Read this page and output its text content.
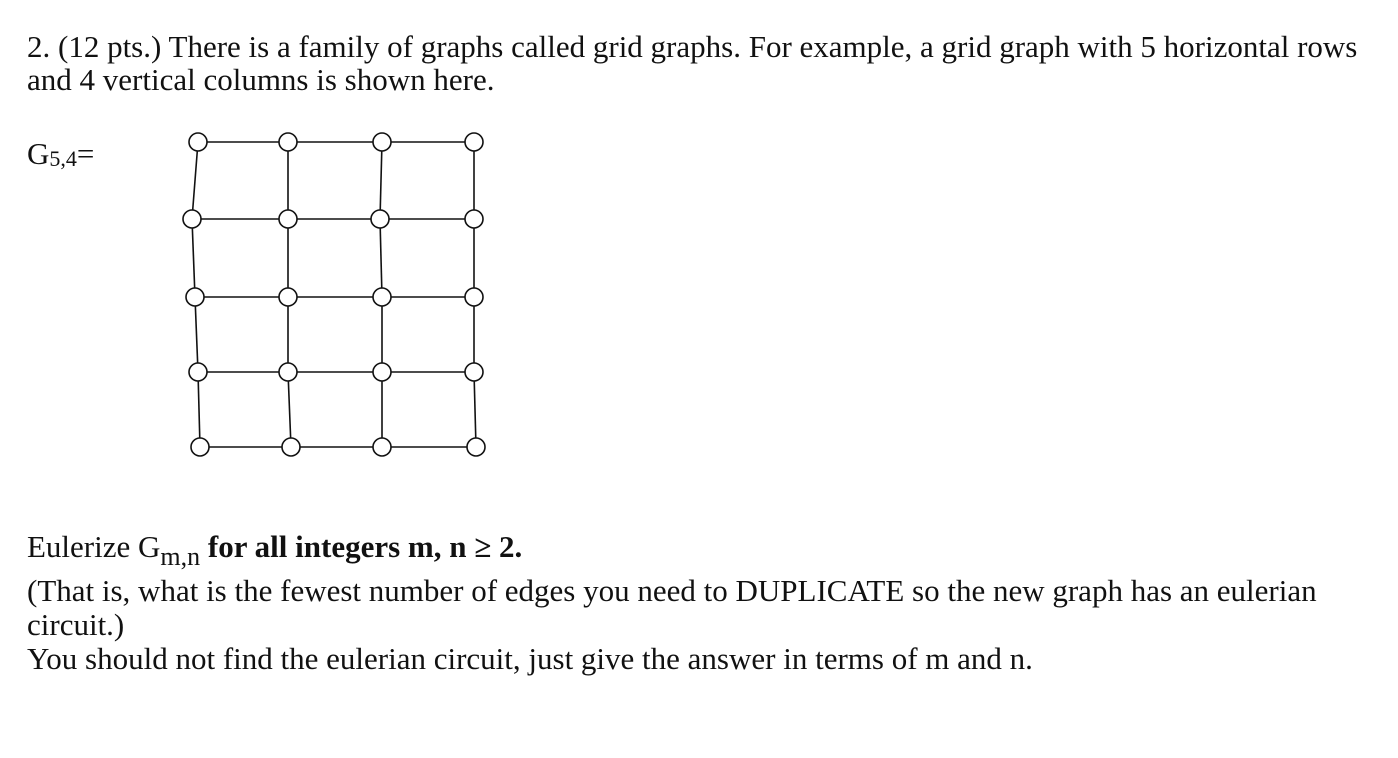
2. (12 pts.) There is a family of graphs called grid graphs. For example, a grid graph with 5 horizontal rows and 4 vertical columns is shown here.

$G_{5,4}=$

Eulerize $G_{m,n}$ for all integers m, n ≥ 2.

(That is, what is the fewest number of edges you need to DUPLICATE so the new graph has an eulerian circuit.)

You should not find the eulerian circuit, just give the answer in terms of m and n.
